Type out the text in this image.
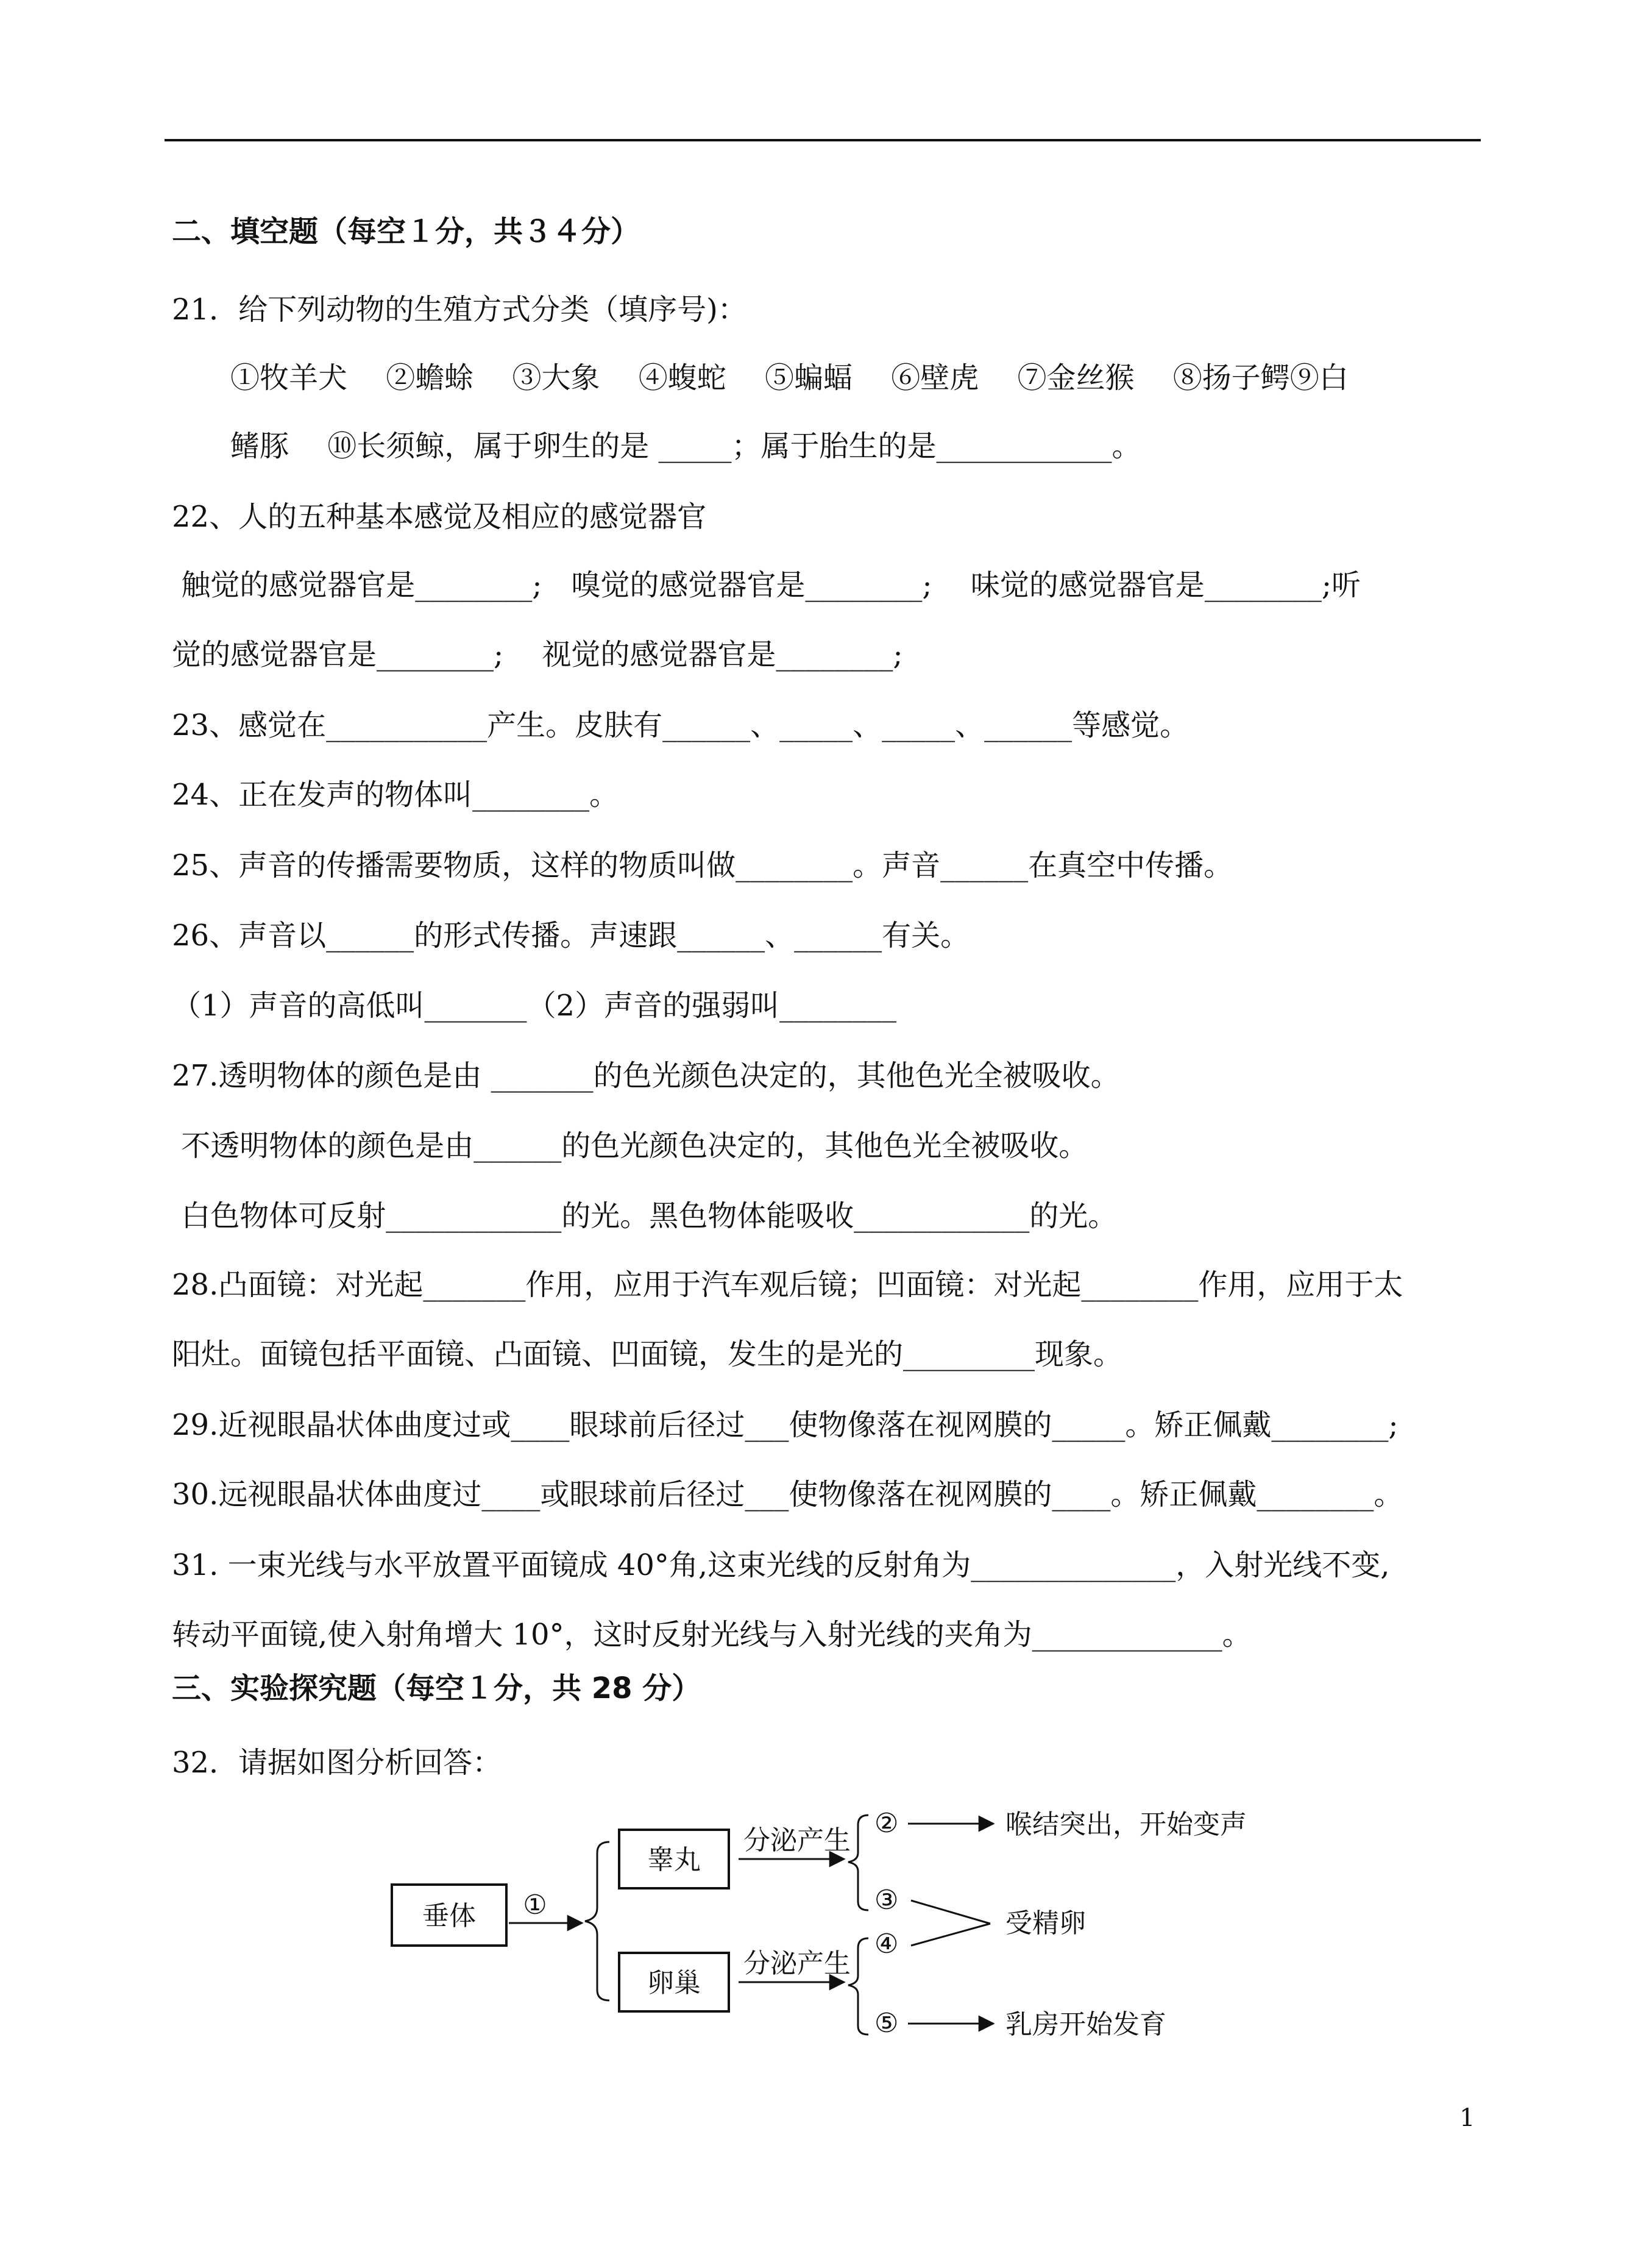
二、填空题（每空１分，共３４分）
21．给下列动物的生殖方式分类（填序号)：
①牧羊犬　 ②蟾蜍　 ③大象　 ④蝮蛇　 ⑤蝙蝠　 ⑥壁虎　 ⑦金丝猴　 ⑧扬子鳄⑨白
鳍豚　 ⑩长须鲸，属于卵生的是 _____；属于胎生的是____________。
22、人的五种基本感觉及相应的感觉器官
触觉的感觉器官是________;　嗅觉的感觉器官是________;　 味觉的感觉器官是________;听
觉的感觉器官是________;　 视觉的感觉器官是________;
23、感觉在___________产生。皮肤有______、_____、_____、______等感觉。
24、正在发声的物体叫________。
25、声音的传播需要物质，这样的物质叫做________。声音______在真空中传播。
26、声音以______的形式传播。声速跟______、______有关。
（1）声音的高低叫_______（2）声音的强弱叫________
27.透明物体的颜色是由 _______的色光颜色决定的，其他色光全被吸收。
不透明物体的颜色是由______的色光颜色决定的，其他色光全被吸收。
白色物体可反射____________的光。黑色物体能吸收____________的光。
28.凸面镜：对光起_______作用，应用于汽车观后镜；凹面镜：对光起________作用，应用于太
阳灶。面镜包括平面镜、凸面镜、凹面镜，发生的是光的_________现象。
29.近视眼晶状体曲度过或____眼球前后径过___使物像落在视网膜的_____。矫正佩戴________;
30.远视眼晶状体曲度过____或眼球前后径过___使物像落在视网膜的____。矫正佩戴________。
31. 一束光线与水平放置平面镜成 40°角,这束光线的反射角为______________，入射光线不变,
转动平面镜,使入射角增大 10°，这时反射光线与入射光线的夹角为_____________。
三、实验探究题（每空１分，共 28 分）
32．请据如图分析回答：
垂体 ①
睾丸
卵巢
分泌产生
分泌产生
②
③
④
⑤
喉结突出，开始变声
受精卵
乳房开始发育
1
